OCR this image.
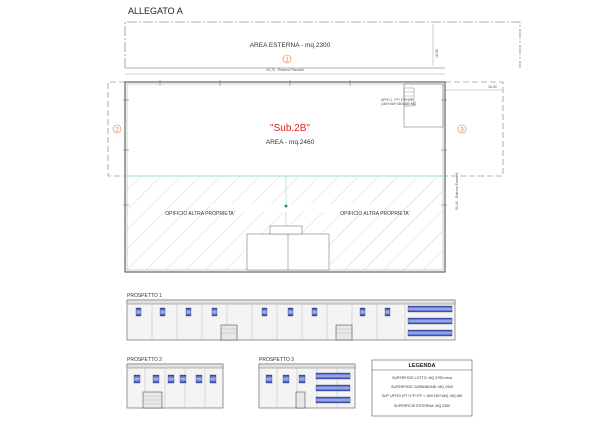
ALLEGATO A
AREA ESTERNA - mq.2300
1
18,08
91,70 - Esterno Pannelli
16,00
54,40 - Esterno Pannelli
"Sub.2B"
AREA - mq.2460
UFFICI - PT+1°P+2°P
(160+160+160=480 MQ
2	3
OPIFICIO ALTRA PROPRIETA'	OPIFICIO ALTRA PROPRIETA'
PROSPETTO 1
PROSPETTO 2	PROSPETTO 3
LEGENDA
SUPERFICIE LOTTO: MQ 4760 circa
SUPERFICIE CAPANNONE: MQ 2400
SUP. UFFICI (PT+1°P+2°P = 160+160+160): MQ 480
SUPERFICIE ESTERNA: MQ 2300
